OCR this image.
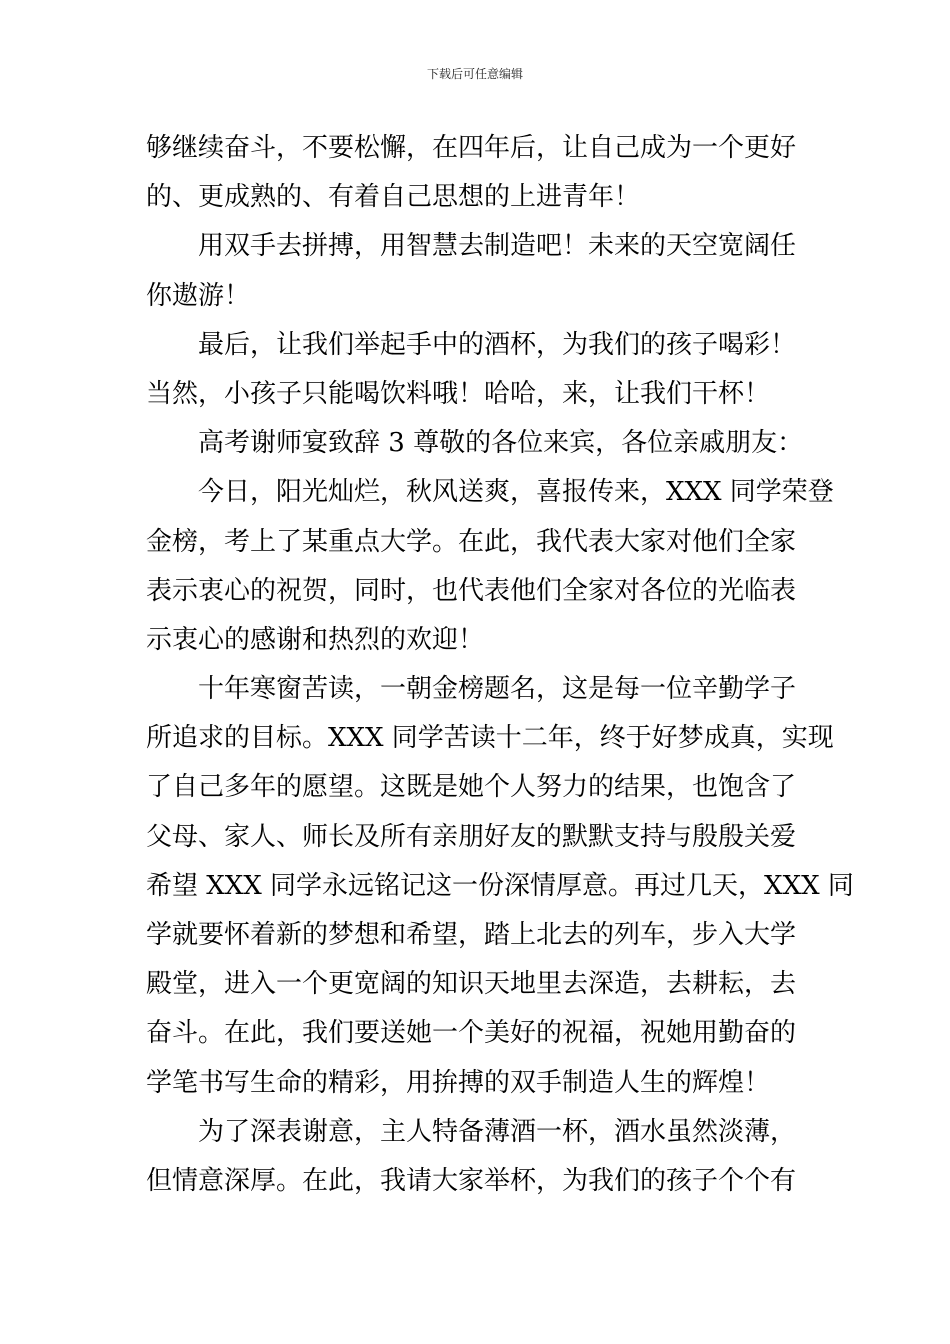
下载后可任意编辑
够继续奋斗，不要松懈，在四年后，让自己成为一个更好
的、更成熟的、有着自己思想的上进青年！
用双手去拼搏，用智慧去制造吧！未来的天空宽阔任
你遨游！
最后，让我们举起手中的酒杯，为我们的孩子喝彩！
当然，小孩子只能喝饮料哦！哈哈，来，让我们干杯！
高考谢师宴致辞 3 尊敬的各位来宾，各位亲戚朋友：
今日，阳光灿烂，秋风送爽，喜报传来，XXX 同学荣登
金榜，考上了某重点大学。在此，我代表大家对他们全家
表示衷心的祝贺，同时，也代表他们全家对各位的光临表
示衷心的感谢和热烈的欢迎！
十年寒窗苦读，一朝金榜题名，这是每一位辛勤学子
所追求的目标。XXX 同学苦读十二年，终于好梦成真，实现
了自己多年的愿望。这既是她个人努力的结果，也饱含了
父母、家人、师长及所有亲朋好友的默默支持与殷殷关爱
希望 XXX 同学永远铭记这一份深情厚意。再过几天，XXX 同
学就要怀着新的梦想和希望，踏上北去的列车，步入大学
殿堂，进入一个更宽阔的知识天地里去深造，去耕耘，去
奋斗。在此，我们要送她一个美好的祝福，祝她用勤奋的
学笔书写生命的精彩，用拚搏的双手制造人生的辉煌！
为了深表谢意，主人特备薄酒一杯，酒水虽然淡薄，
但情意深厚。在此，我请大家举杯，为我们的孩子个个有
